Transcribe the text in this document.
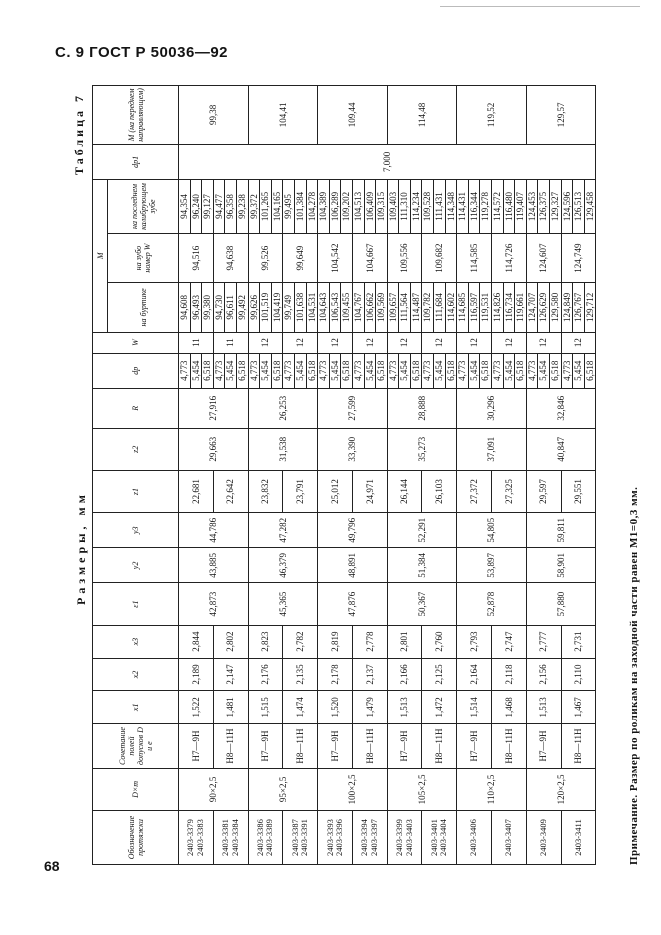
С. 9 ГОСТ Р 50036—92
Размеры, мм
Таблица 7
Обозначение протяжки	D×m	Сочетание полей допусков D и e	x1	x2	x3	ε1	y2	y3	z1	z2	R	dp	W	M			dp1	M (на переднем направляющем)
														на буртике	на зубо номер W	на последнем калибрующем зубе		
2403-3379 2403-3383	90×2,5	H7—9H	1,522	2,189	2,844	42,873	43,885	44,786	22,681	29,663	27,916	4,773	11	94,608	94,516	94,354	7,000	99,38
												5,454		96,493		96,240		
												6,518		99,380		99,127		
2403-3381 2403-3384		H8—11H	1,481	2,147	2,802				22,642			4,773	11	94,730	94,638	94,477		
												5,454		96,611		96,358		
												6,518		99,492		99,238		
2403-3386 2403-3389	95×2,5	H7—9H	1,515	2,176	2,823	45,365	46,379	47,282	23,832	31,538	26,253	4,773	12	99,626	99,526	99,372		104,41
												5,454		101,519		101,265		
												6,518		104,419		104,165		
2403-3387 2403-3391		H8—11H	1,474	2,135	2,782				23,791			4,773	12	99,749	99,649	99,495		
												5,454		101,638		101,384		
												6,518		104,531		104,278		
2403-3393 2403-3396	100×2,5	H7—9H	1,520	2,178	2,819	47,876	48,891	49,796	25,012	33,390	27,599	4,773	12	104,643	104,542	104,389		109,44
												5,454		106,543		106,289		
												6,518		109,455		109,202		
2403-3394 2403-3397		H8—11H	1,479	2,137	2,778				24,971			4,773	12	104,767	104,667	104,513		
												5,454		106,662		106,409		
												6,518		109,569		109,315		
2403-3399 2403-3403	105×2,5	H7—9H	1,513	2,166	2,801	50,367	51,384	52,291	26,144	35,273	28,888	4,773	12	109,657	109,556	109,403		114,48
												5,454		111,564		111,310		
												6,518		114,487		114,234		
2403-3401 2403-3404		H8—11H	1,472	2,125	2,760				26,103			4,773	12	109,782	109,682	109,528		
												5,454		111,684		111,431		
												6,518		114,602		114,348		
2403-3406	110×2,5	H7—9H	1,514	2,164	2,793	52,878	53,897	54,805	27,372	37,091	30,296	4,773	12	114,685	114,585	114,431		119,52
												5,454		116,597		116,344		
												6,518		119,531		119,278		
2403-3407		H8—11H	1,468	2,118	2,747				27,325			4,773	12	114,826	114,726	114,572		
												5,454		116,734		116,480		
												6,518		119,661		119,407		
2403-3409	120×2,5	H7—9H	1,513	2,156	2,777	57,880	58,901	59,811	29,597	40,847	32,846	4,773	12	124,707	124,607	124,453		129,57
												5,454		126,629		126,375		
												6,518		129,580		129,327		
2403-3411		H8—11H	1,467	2,110	2,731				29,551			4,773	12	124,849	124,749	124,596		
												5,454		126,767		126,513		
												6,518		129,712		129,458		
Примечание. Размер по роликам на заходной части равен M1=0,3 мм.
68
